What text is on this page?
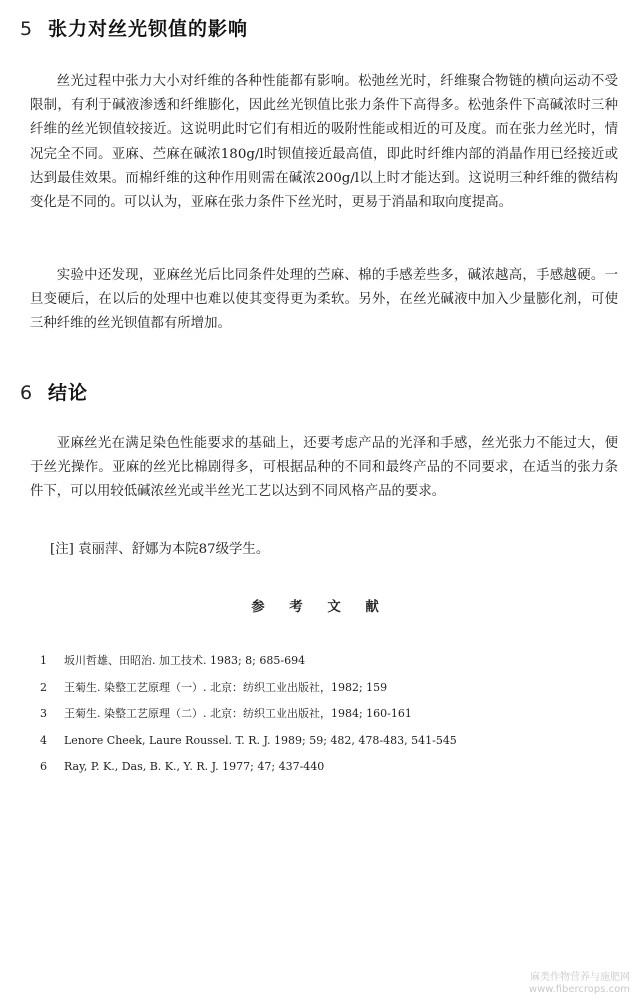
5 张力对丝光钡值的影响

丝光过程中张力大小对纤维的各种性能都有影响。松弛丝光时，纤维聚合物链的横向运动不受限制，有利于碱液渗透和纤维膨化，因此丝光钡值比张力条件下高得多。松弛条件下高碱浓时三种纤维的丝光钡值较接近。这说明此时它们有相近的吸附性能或相近的可及度。而在张力丝光时，情况完全不同。亚麻、苎麻在碱浓180g/l时钡值接近最高值，即此时纤维内部的消晶作用已经接近或达到最佳效果。而棉纤维的这种作用则需在碱浓200g/l以上时才能达到。这说明三种纤维的微结构变化是不同的。可以认为，亚麻在张力条件下丝光时，更易于消晶和取向度提高。

实验中还发现，亚麻丝光后比同条件处理的苎麻、棉的手感差些多，碱浓越高，手感越硬。一旦变硬后，在以后的处理中也难以使其变得更为柔软。另外，在丝光碱液中加入少量膨化剂，可使三种纤维的丝光钡值都有所增加。

6 结论

亚麻丝光在满足染色性能要求的基础上，还要考虑产品的光泽和手感，丝光张力不能过大，便于丝光操作。亚麻的丝光比棉剧得多，可根据品种的不同和最终产品的不同要求，在适当的张力条件下，可以用较低碱浓丝光或半丝光工艺以达到不同风格产品的要求。

[注] 袁丽萍、舒娜为本院87级学生。
参 考 文 献
1	坂川哲雄、田昭治. 加工技术. 1983; 8; 685-694
2	王菊生. 染整工艺原理（一）. 北京：纺织工业出版社，1982; 159
3	王菊生. 染整工艺原理（二）. 北京：纺织工业出版社，1984; 160-161
4	Lenore Cheek, Laure Roussel. T. R. J. 1989; 59; 482, 478-483, 541-545
6	Ray, P. K., Das, B. K., Y. R. J. 1977; 47; 437-440
麻类作物营养与施肥网
www.fibercrops.com
